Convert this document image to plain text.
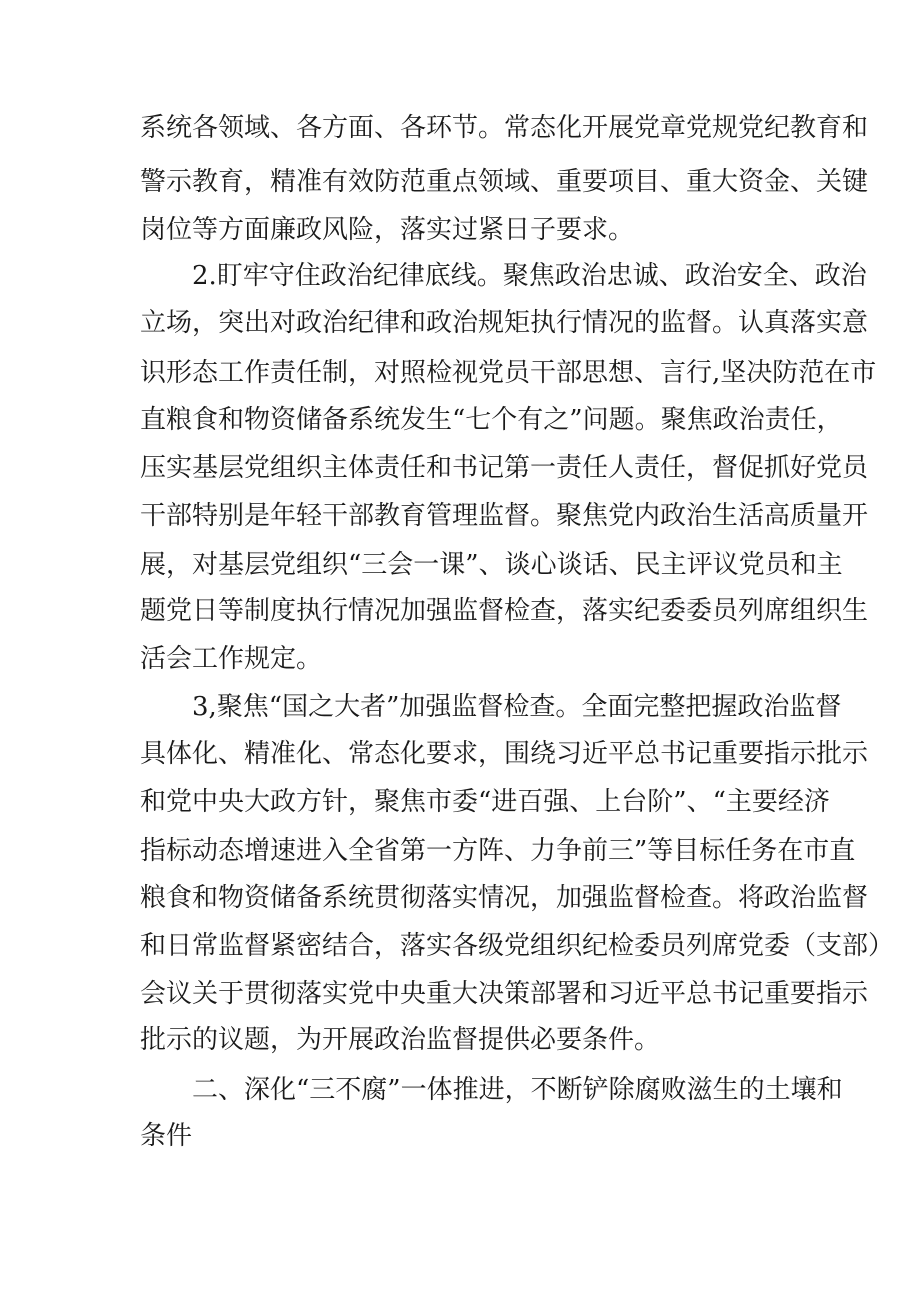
系统各领域、各方面、各环节。常态化开展党章党规党纪教育和
警示教育，精准有效防范重点领域、重要项目、重大资金、关键
岗位等方面廉政风险，落实过紧日子要求。
2.盯牢守住政治纪律底线。聚焦政治忠诚、政治安全、政治
立场，突出对政治纪律和政治规矩执行情况的监督。认真落实意
识形态工作责任制，对照检视党员干部思想、言行,坚决防范在市
直粮食和物资储备系统发生“七个有之”问题。聚焦政治责任，
压实基层党组织主体责任和书记第一责任人责任，督促抓好党员
干部特别是年轻干部教育管理监督。聚焦党内政治生活高质量开
展，对基层党组织“三会一课”、谈心谈话、民主评议党员和主
题党日等制度执行情况加强监督检查，落实纪委委员列席组织生
活会工作规定。
3,聚焦“国之大者”加强监督检查。全面完整把握政治监督
具体化、精准化、常态化要求，围绕习近平总书记重要指示批示
和党中央大政方针，聚焦市委“进百强、上台阶”、“主要经济
指标动态增速进入全省第一方阵、力争前三”等目标任务在市直
粮食和物资储备系统贯彻落实情况，加强监督检查。将政治监督
和日常监督紧密结合，落实各级党组织纪检委员列席党委（支部）
会议关于贯彻落实党中央重大决策部署和习近平总书记重要指示
批示的议题，为开展政治监督提供必要条件。
二、深化“三不腐”一体推进，不断铲除腐败滋生的土壤和
条件
